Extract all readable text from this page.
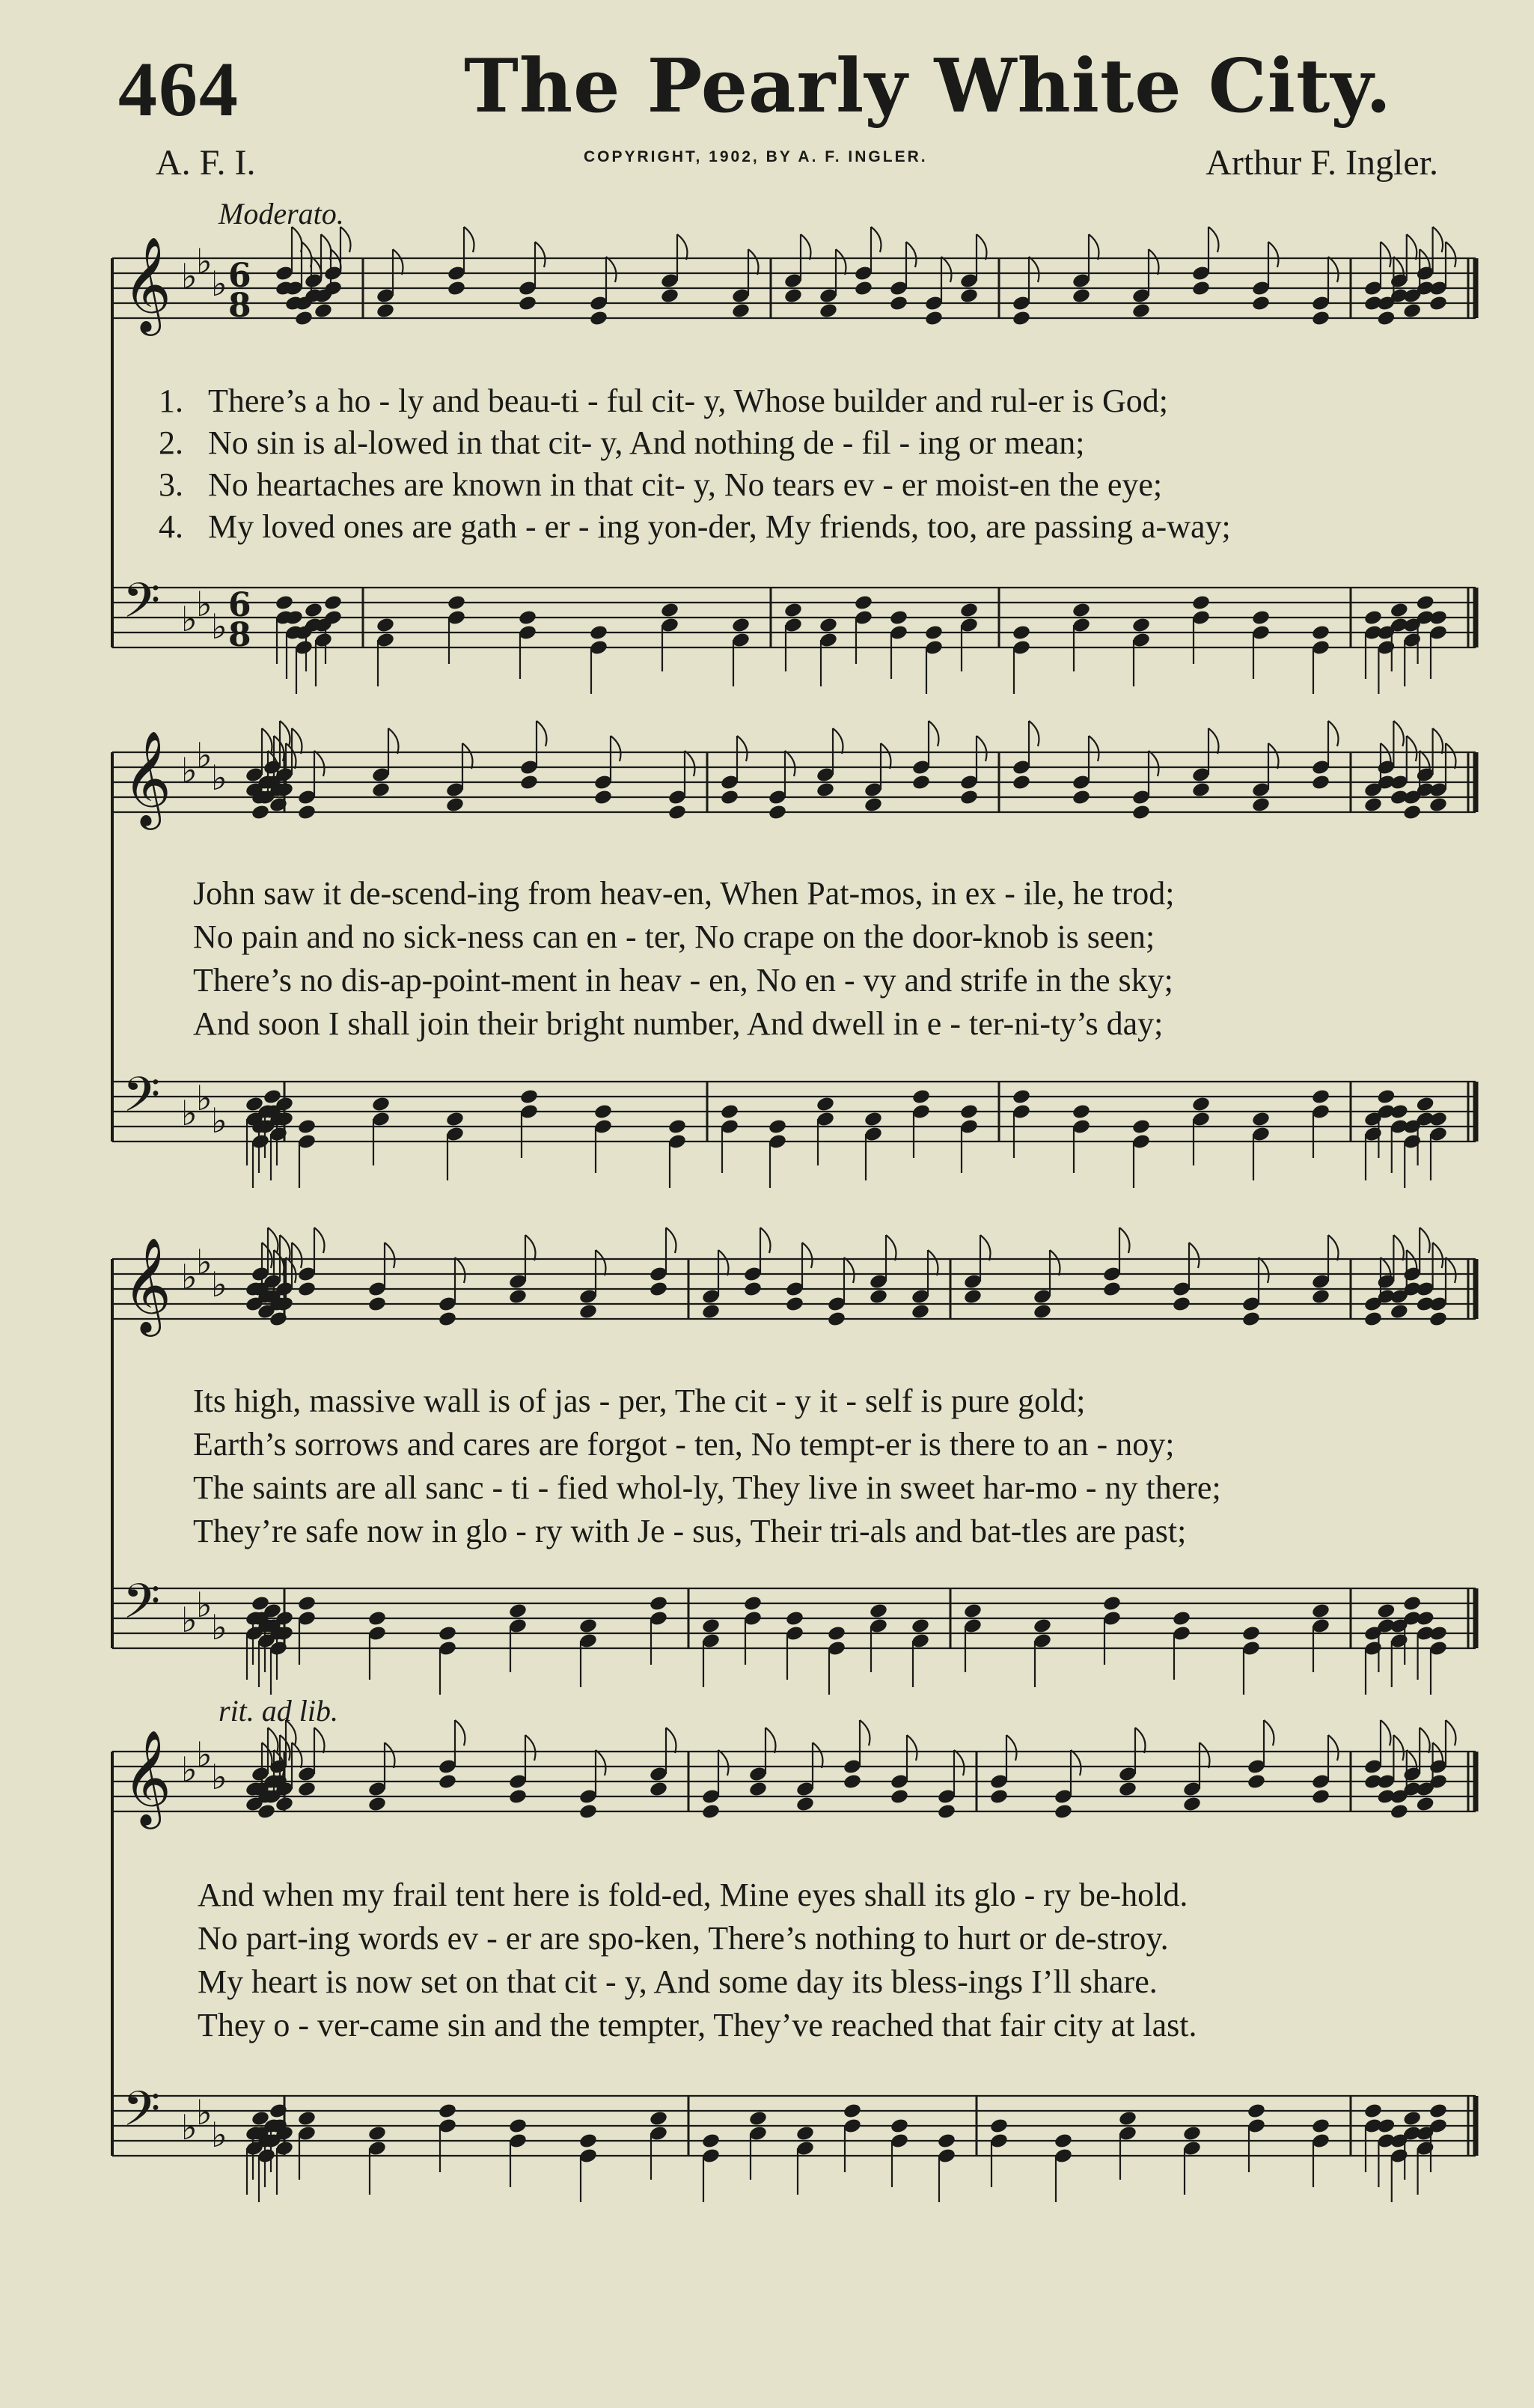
464	The Pearly White City.
A. F. I.	COPYRIGHT, 1902, BY A. F. INGLER.	Arthur F. Ingler.
Moderato.
rit. ad lib.
𝄞 ♭
♭
♭
𝄢 ♭
♭
♭
6
8
6
8
𝄞 ♭
♭
♭
𝄢 ♭
♭
♭
𝄞 ♭
♭
♭
𝄢 ♭
♭
♭
𝄞 ♭
♭
♭
𝄢 ♭
♭
♭
1. There’s a ho - ly and beau-ti - ful cit- y, Whose builder and rul-er is God;
2. No sin is al-lowed in that cit- y, And nothing de - fil - ing or mean;
3. No heartaches are known in that cit- y, No tears ev - er moist-en the eye;
4. My loved ones are gath - er - ing yon-der, My friends, too, are passing a-way;
John saw it de-scend-ing from heav-en, When Pat-mos, in ex - ile, he trod;
No pain and no sick-ness can en - ter, No crape on the door-knob is seen;
There’s no dis-ap-point-ment in heav - en, No en - vy and strife in the sky;
And soon I shall join their bright number, And dwell in e - ter-ni-ty’s day;
Its high, massive wall is of jas - per, The cit - y it - self is pure gold;
Earth’s sorrows and cares are forgot - ten, No tempt-er is there to an - noy;
The saints are all sanc - ti - fied whol-ly, They live in sweet har-mo - ny there;
They’re safe now in glo - ry with Je - sus, Their tri-als and bat-tles are past;
And when my frail tent here is fold-ed, Mine eyes shall its glo - ry be-hold.
No part-ing words ev - er are spo-ken, There’s nothing to hurt or de-stroy.
My heart is now set on that cit - y, And some day its bless-ings I’ll share.
They o - ver-came sin and the tempter, They’ve reached that fair city at last.
